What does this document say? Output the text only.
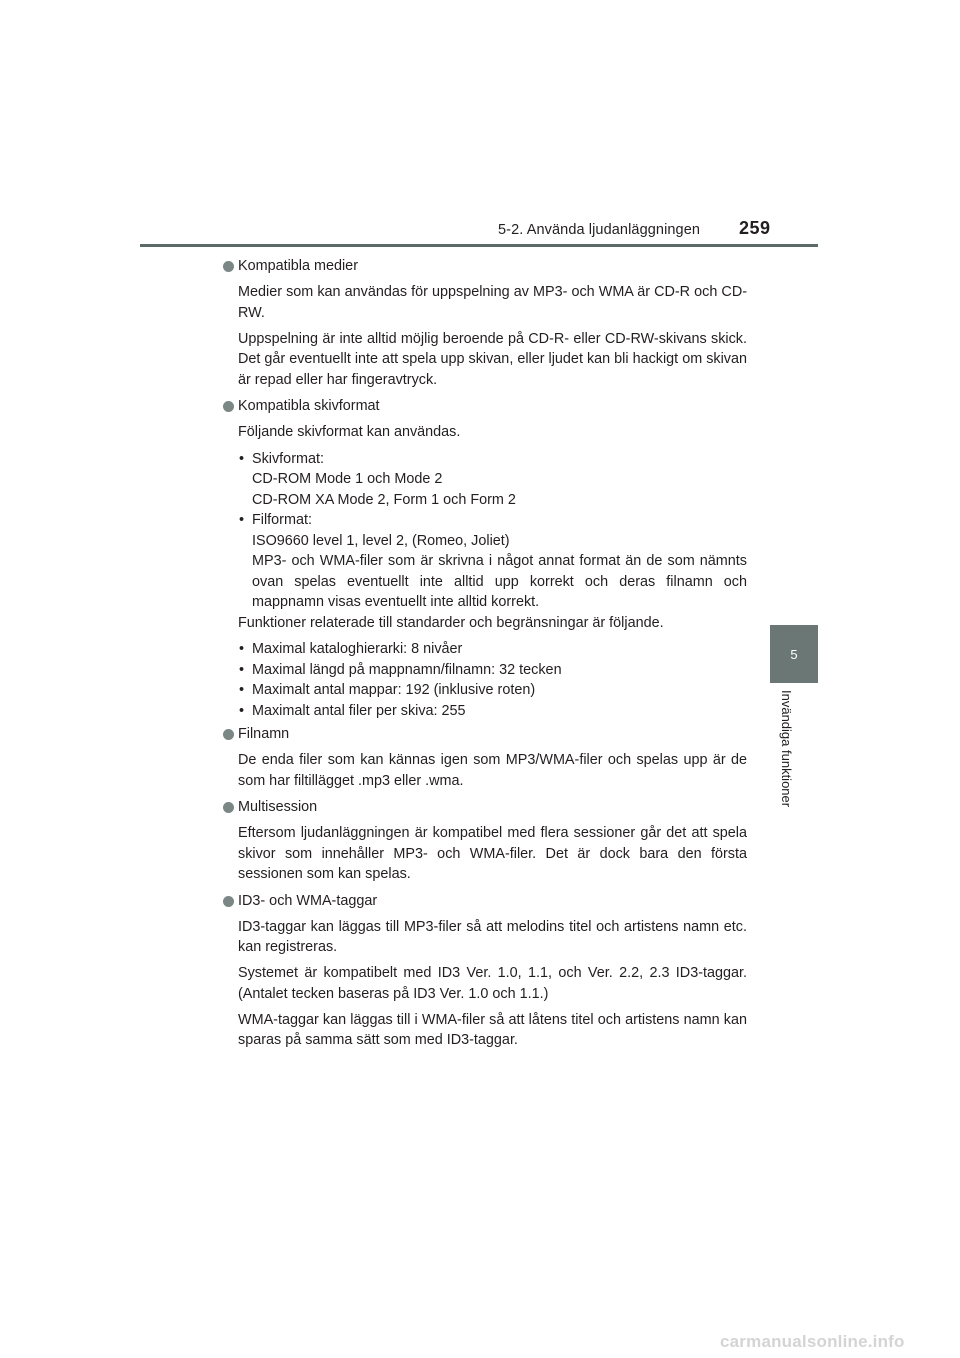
5-2. Använda ljudanläggningen 259
5
Invändiga funktioner
Kompatibla medier

Medier som kan användas för uppspelning av MP3- och WMA är CD-R och CD-RW.

Uppspelning är inte alltid möjlig beroende på CD-R- eller CD-RW-skivans skick. Det går eventuellt inte att spela upp skivan, eller ljudet kan bli hackigt om skivan är repad eller har fingeravtryck.

Kompatibla skivformat

Följande skivformat kan användas.

• Skivformat:
CD-ROM Mode 1 och Mode 2
CD-ROM XA Mode 2, Form 1 och Form 2
• Filformat:
ISO9660 level 1, level 2, (Romeo, Joliet)
MP3- och WMA-filer som är skrivna i något annat format än de som nämnts ovan spelas eventuellt inte alltid upp korrekt och deras filnamn och mappnamn visas eventuellt inte alltid korrekt.

Funktioner relaterade till standarder och begränsningar är följande.

• Maximal kataloghierarki: 8 nivåer
• Maximal längd på mappnamn/filnamn: 32 tecken
• Maximalt antal mappar: 192 (inklusive roten)
• Maximalt antal filer per skiva: 255
Filnamn

De enda filer som kan kännas igen som MP3/WMA-filer och spelas upp är de som har filtillägget .mp3 eller .wma.

Multisession

Eftersom ljudanläggningen är kompatibel med flera sessioner går det att spela skivor som innehåller MP3- och WMA-filer. Det är dock bara den första sessionen som kan spelas.

ID3- och WMA-taggar

ID3-taggar kan läggas till MP3-filer så att melodins titel och artistens namn etc. kan registreras.

Systemet är kompatibelt med ID3 Ver. 1.0, 1.1, och Ver. 2.2, 2.3 ID3-taggar. (Antalet tecken baseras på ID3 Ver. 1.0 och 1.1.)

WMA-taggar kan läggas till i WMA-filer så att låtens titel och artistens namn kan sparas på samma sätt som med ID3-taggar.

carmanualsonline.info
